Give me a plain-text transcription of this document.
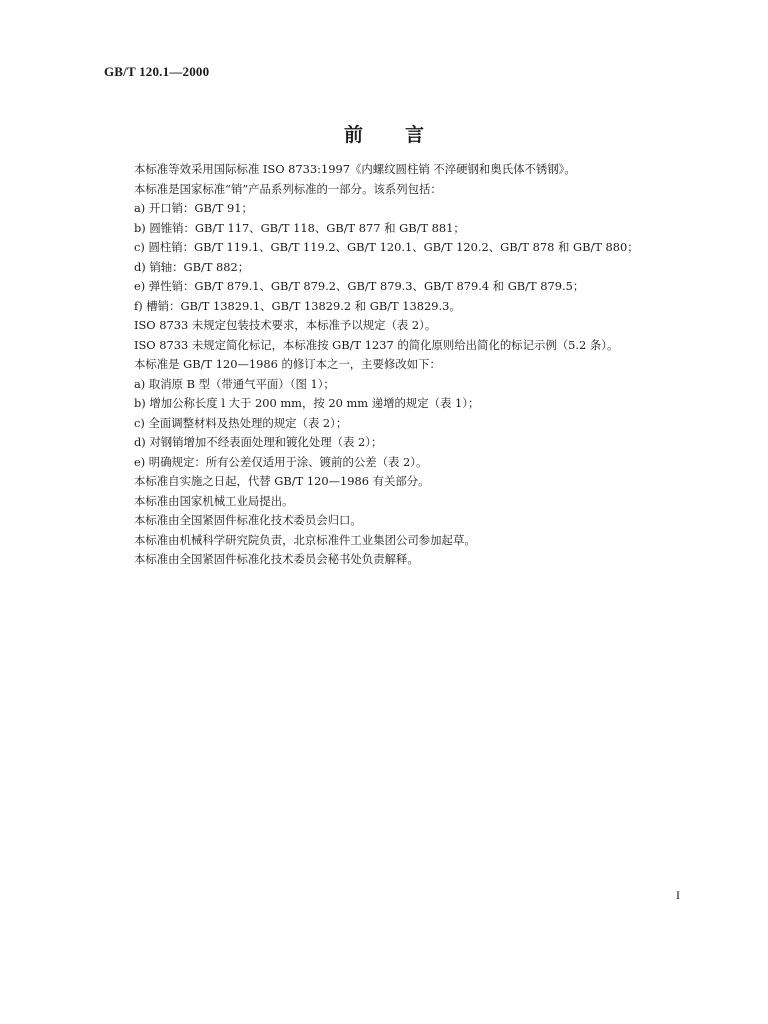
GB/T 120.1—2000
前言
本标准等效采用国际标准 ISO 8733:1997《内螺纹圆柱销 不淬硬钢和奥氏体不锈钢》。
本标准是国家标准“销”产品系列标准的一部分。该系列包括：
a) 开口销：GB/T 91；
b) 圆锥销：GB/T 117、GB/T 118、GB/T 877 和 GB/T 881；
c) 圆柱销：GB/T 119.1、GB/T 119.2、GB/T 120.1、GB/T 120.2、GB/T 878 和 GB/T 880；
d) 销轴：GB/T 882；
e) 弹性销：GB/T 879.1、GB/T 879.2、GB/T 879.3、GB/T 879.4 和 GB/T 879.5；
f) 槽销：GB/T 13829.1、GB/T 13829.2 和 GB/T 13829.3。
ISO 8733 未规定包装技术要求，本标准予以规定（表 2）。
ISO 8733 未规定简化标记，本标准按 GB/T 1237 的简化原则给出简化的标记示例（5.2 条）。
本标准是 GB/T 120—1986 的修订本之一，主要修改如下：
a) 取消原 B 型（带通气平面）（图 1）；
b) 增加公称长度 l 大于 200 mm，按 20 mm 递增的规定（表 1）；
c) 全面调整材料及热处理的规定（表 2）；
d) 对钢销增加不经表面处理和镀化处理（表 2）；
e) 明确规定：所有公差仅适用于涂、镀前的公差（表 2）。
本标准自实施之日起，代替 GB/T 120—1986 有关部分。
本标准由国家机械工业局提出。
本标准由全国紧固件标准化技术委员会归口。
本标准由机械科学研究院负责，北京标准件工业集团公司参加起草。
本标准由全国紧固件标准化技术委员会秘书处负责解释。
I
